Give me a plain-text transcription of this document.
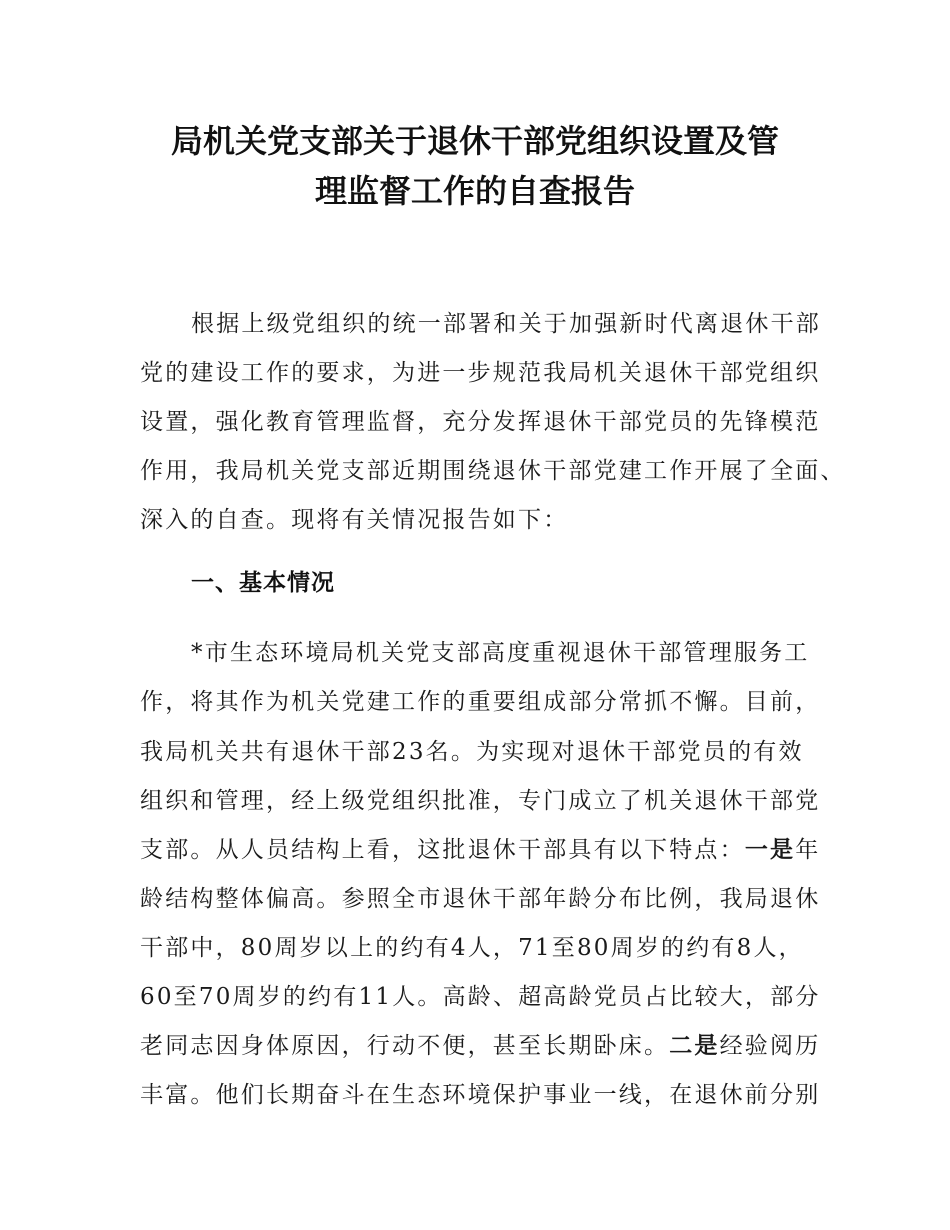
局机关党支部关于退休干部党组织设置及管
理监督工作的自查报告
根据上级党组织的统一部署和关于加强新时代离退休干部
党的建设工作的要求，为进一步规范我局机关退休干部党组织
设置，强化教育管理监督，充分发挥退休干部党员的先锋模范
作用，我局机关党支部近期围绕退休干部党建工作开展了全面、
深入的自查。现将有关情况报告如下：
一、基本情况
*市生态环境局机关党支部高度重视退休干部管理服务工
作，将其作为机关党建工作的重要组成部分常抓不懈。目前，
我局机关共有退休干部23名。为实现对退休干部党员的有效
组织和管理，经上级党组织批准，专门成立了机关退休干部党
支部。从人员结构上看，这批退休干部具有以下特点：一是年
龄结构整体偏高。参照全市退休干部年龄分布比例，我局退休
干部中，80周岁以上的约有4人，71至80周岁的约有8人，
60至70周岁的约有11人。高龄、超高龄党员占比较大，部分
老同志因身体原因，行动不便，甚至长期卧床。二是经验阅历
丰富。他们长期奋斗在生态环境保护事业一线，在退休前分别
